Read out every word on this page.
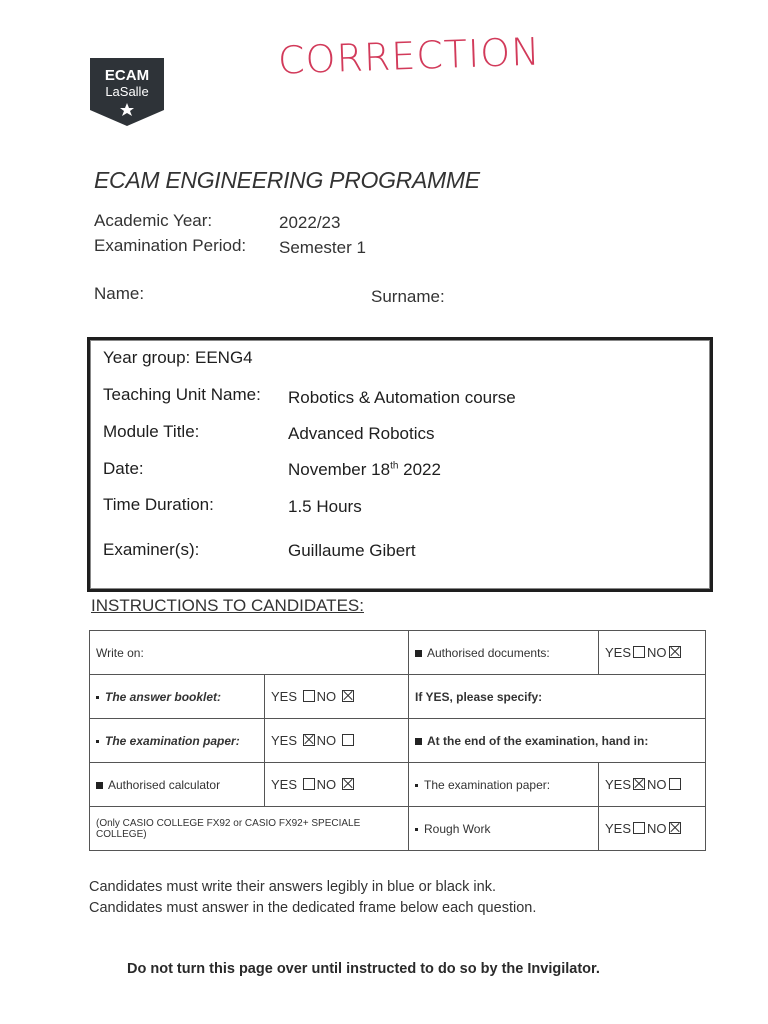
ECAM
LaSalle
CORRECTION
ECAM ENGINEERING PROGRAMME
Academic Year:	2022/23
Examination Period: Semester 1
Name:	Surname:
Year group: EENG4
Teaching Unit Name: Robotics & Automation course
Module Title:	Advanced Robotics
Date:	November 18th 2022
Time Duration:	1.5 Hours
Examiner(s):	Guillaume Gibert
INSTRUCTIONS TO CANDIDATES:
Write on:		Authorised documents:	YES NO
The answer booklet:	YES NO	If YES, please specify:	
The examination paper:	YES NO	At the end of the examination, hand in:	
Authorised calculator	YES NO	The examination paper:	YES NO
(Only CASIO COLLEGE FX92 or CASIO FX92+ SPECIALE COLLEGE)		Rough Work	YES NO
Candidates must write their answers legibly in blue or black ink.
Candidates must answer in the dedicated frame below each question.
Do not turn this page over until instructed to do so by the Invigilator.
